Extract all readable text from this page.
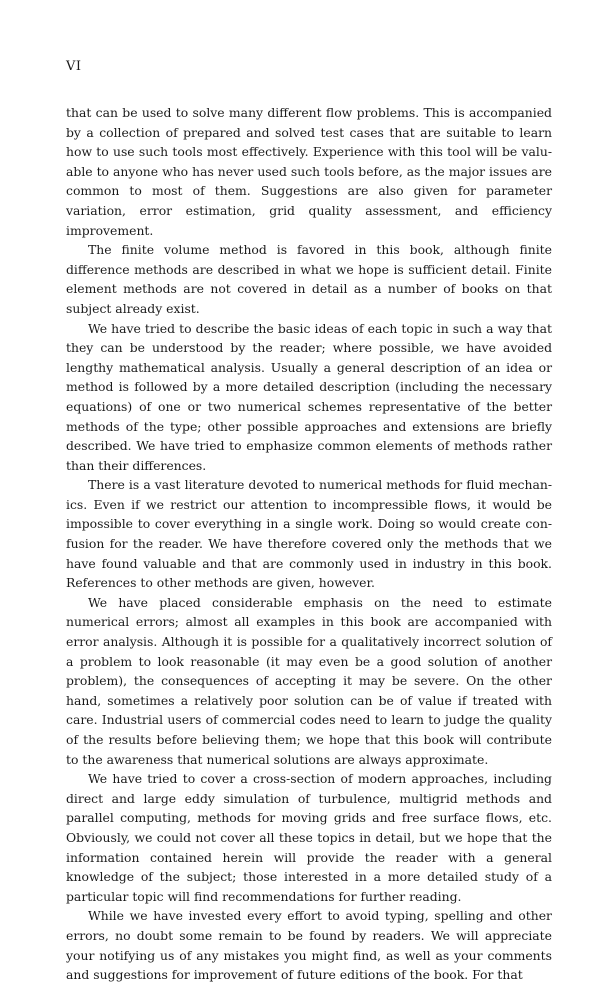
VI

that can be used to solve many different flow problems. This is accompanied by a collection of prepared and solved test cases that are suitable to learn how to use such tools most effectively. Experience with this tool will be valuable to anyone who has never used such tools before, as the major issues are common to most of them. Suggestions are also given for parameter variation, error estimation, grid quality assessment, and efficiency improvement.

The finite volume method is favored in this book, although finite difference methods are described in what we hope is sufficient detail. Finite element methods are not covered in detail as a number of books on that subject already exist.

We have tried to describe the basic ideas of each topic in such a way that they can be understood by the reader; where possible, we have avoided lengthy mathematical analysis. Usually a general description of an idea or method is followed by a more detailed description (including the necessary equations) of one or two numerical schemes representative of the better methods of the type; other possible approaches and extensions are briefly described. We have tried to emphasize common elements of methods rather than their differences.

There is a vast literature devoted to numerical methods for fluid mechanics. Even if we restrict our attention to incompressible flows, it would be impossible to cover everything in a single work. Doing so would create confusion for the reader. We have therefore covered only the methods that we have found valuable and that are commonly used in industry in this book. References to other methods are given, however.

We have placed considerable emphasis on the need to estimate numerical errors; almost all examples in this book are accompanied with error analysis. Although it is possible for a qualitatively incorrect solution of a problem to look reasonable (it may even be a good solution of another problem), the consequences of accepting it may be severe. On the other hand, sometimes a relatively poor solution can be of value if treated with care. Industrial users of commercial codes need to learn to judge the quality of the results before believing them; we hope that this book will contribute to the awareness that numerical solutions are always approximate.

We have tried to cover a cross-section of modern approaches, including direct and large eddy simulation of turbulence, multigrid methods and parallel computing, methods for moving grids and free surface flows, etc. Obviously, we could not cover all these topics in detail, but we hope that the information contained herein will provide the reader with a general knowledge of the subject; those interested in a more detailed study of a particular topic will find recommendations for further reading.

While we have invested every effort to avoid typing, spelling and other errors, no doubt some remain to be found by readers. We will appreciate your notifying us of any mistakes you might find, as well as your comments and suggestions for improvement of future editions of the book. For that
